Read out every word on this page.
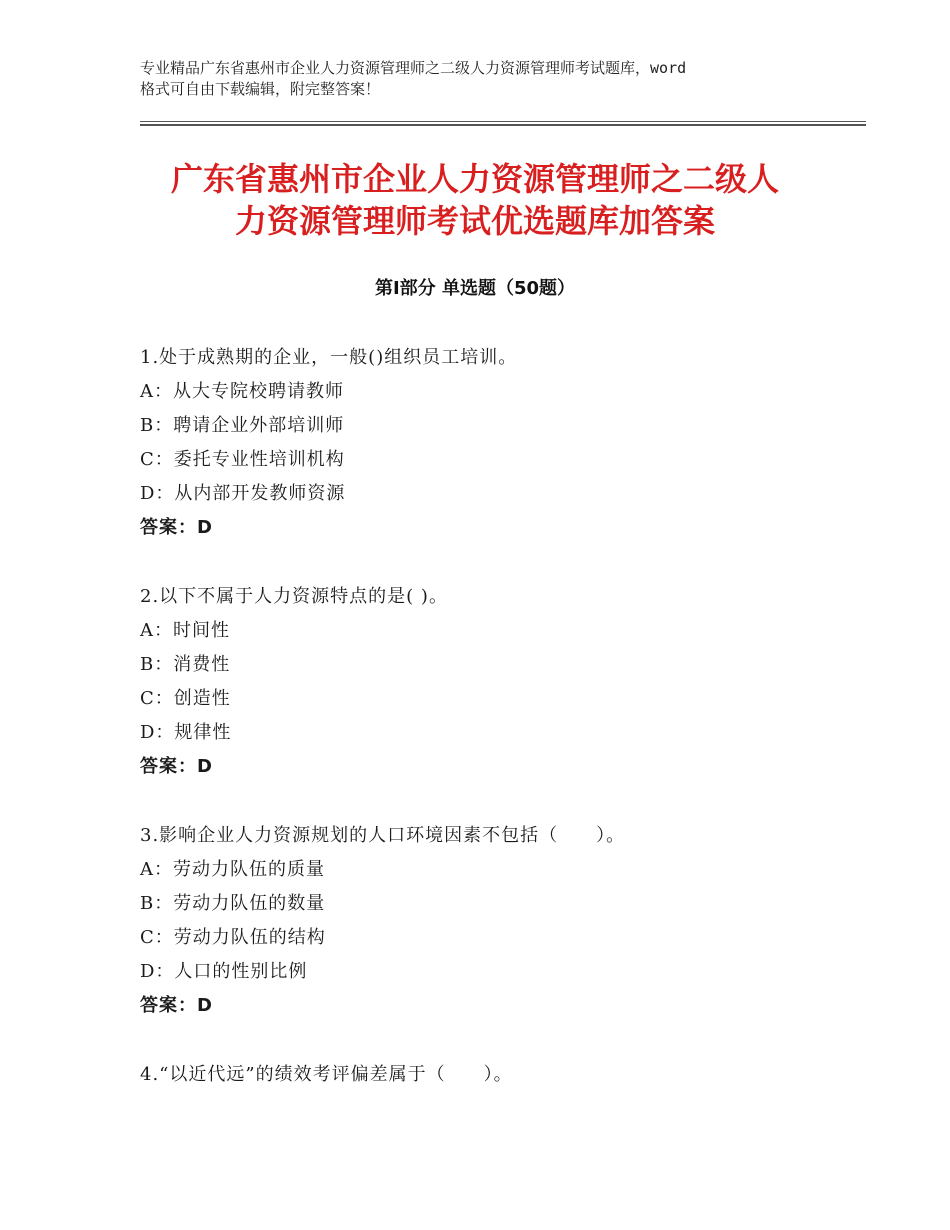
专业精品广东省惠州市企业人力资源管理师之二级人力资源管理师考试题库，word
格式可自由下载编辑，附完整答案！
广东省惠州市企业人力资源管理师之二级人
力资源管理师考试优选题库加答案
第Ⅰ部分 单选题（50题）
1.处于成熟期的企业，一般()组织员工培训。
A：从大专院校聘请教师
B：聘请企业外部培训师
C：委托专业性培训机构
D：从内部开发教师资源
答案：D
2.以下不属于人力资源特点的是( )。
A：时间性
B：消费性
C：创造性
D：规律性
答案：D
3.影响企业人力资源规划的人口环境因素不包括（　　）。
A：劳动力队伍的质量
B：劳动力队伍的数量
C：劳动力队伍的结构
D：人口的性别比例
答案：D
4.“以近代远”的绩效考评偏差属于（　　）。
